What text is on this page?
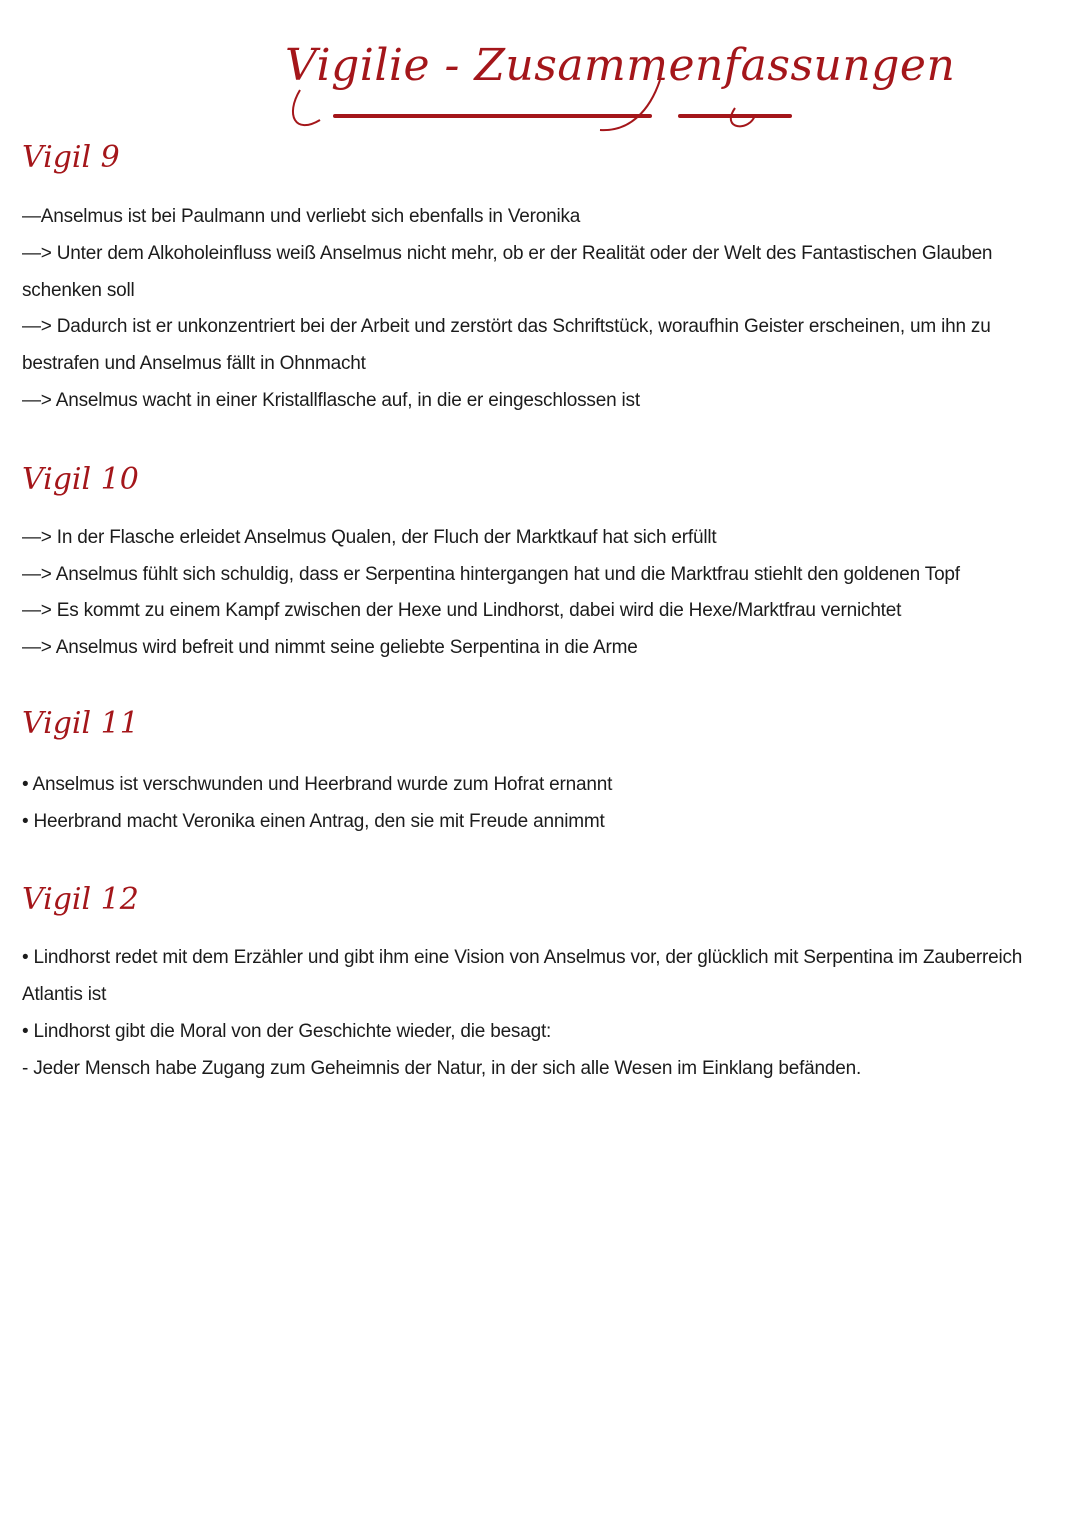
Vigilie - Zusammenfassungen
Vigil 9
—Anselmus ist bei Paulmann und verliebt sich ebenfalls in Veronika
—> Unter dem Alkoholeinfluss weiß Anselmus nicht mehr, ob er der Realität oder der Welt des Fantastischen Glauben
schenken soll
—> Dadurch ist er unkonzentriert bei der Arbeit und zerstört das Schriftstück, woraufhin Geister erscheinen, um ihn zu
bestrafen und Anselmus fällt in Ohnmacht
—> Anselmus wacht in einer Kristallflasche auf, in die er eingeschlossen ist
Vigil 10
—> In der Flasche erleidet Anselmus Qualen, der Fluch der Marktkauf hat sich erfüllt
—> Anselmus fühlt sich schuldig, dass er Serpentina hintergangen hat und die Marktfrau stiehlt den goldenen Topf
—> Es kommt zu einem Kampf zwischen der Hexe und Lindhorst, dabei wird die Hexe/Marktfrau vernichtet
—> Anselmus wird befreit und nimmt seine geliebte Serpentina in die Arme
Vigil 11
• Anselmus ist verschwunden und Heerbrand wurde zum Hofrat ernannt
• Heerbrand macht Veronika einen Antrag, den sie mit Freude annimmt
Vigil 12
• Lindhorst redet mit dem Erzähler und gibt ihm eine Vision von Anselmus vor, der glücklich mit Serpentina im Zauberreich
Atlantis ist
• Lindhorst gibt die Moral von der Geschichte wieder, die besagt:
- Jeder Mensch habe Zugang zum Geheimnis der Natur, in der sich alle Wesen im Einklang befänden.
